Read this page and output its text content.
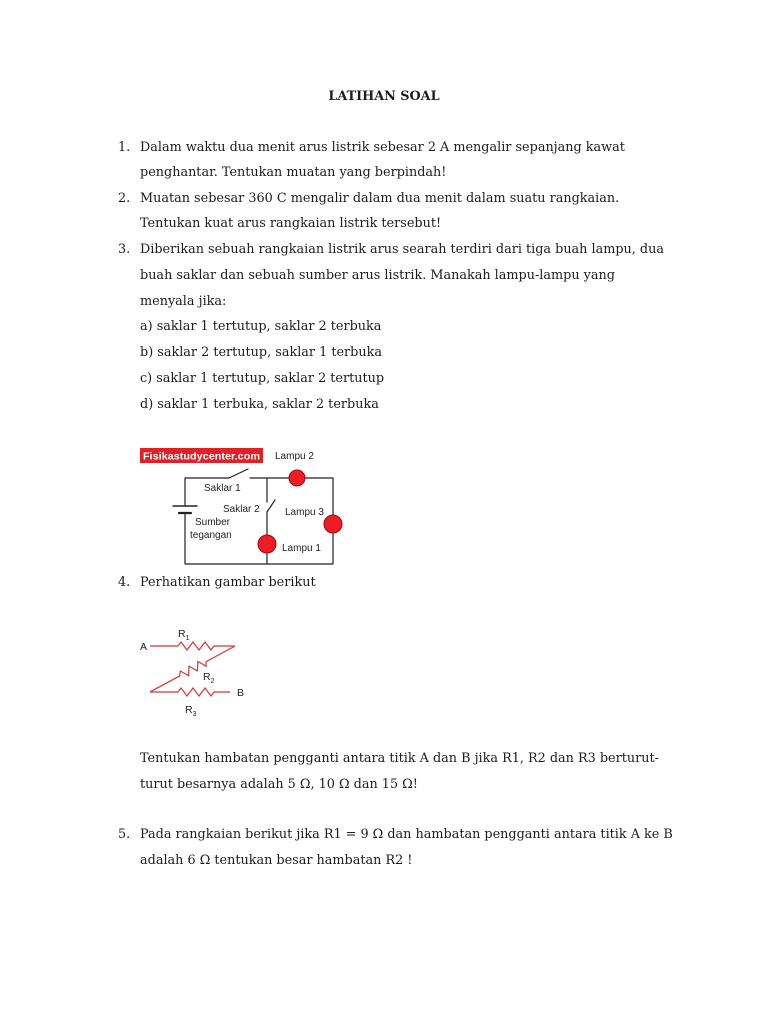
LATIHAN SOAL
1. Dalam waktu dua menit arus listrik sebesar 2 A mengalir sepanjang kawat
penghantar. Tentukan muatan yang berpindah!
2. Muatan sebesar 360 C mengalir dalam dua menit dalam suatu rangkaian.
Tentukan kuat arus rangkaian listrik tersebut!
3. Diberikan sebuah rangkaian listrik arus searah terdiri dari tiga buah lampu, dua
buah saklar dan sebuah sumber arus listrik. Manakah lampu-lampu yang
menyala jika:
a) saklar 1 tertutup, saklar 2 terbuka
b) saklar 2 tertutup, saklar 1 terbuka
c) saklar 1 tertutup, saklar 2 tertutup
d) saklar 1 terbuka, saklar 2 terbuka
Fisikastudycenter.com Lampu 2
Saklar 1
Saklar 2	Lampu 3
Sumber
tegangan
Lampu 1
4. Perhatikan gambar berikut
A
B
$R_1$
$R_2$
$R_3$
Tentukan hambatan pengganti antara titik A dan B jika R1, R2 dan R3 berturut-
turut besarnya adalah 5 Ω, 10 Ω dan 15 Ω!
5. Pada rangkaian berikut jika R1 = 9 Ω dan hambatan pengganti antara titik A ke B
adalah 6 Ω tentukan besar hambatan R2 !
